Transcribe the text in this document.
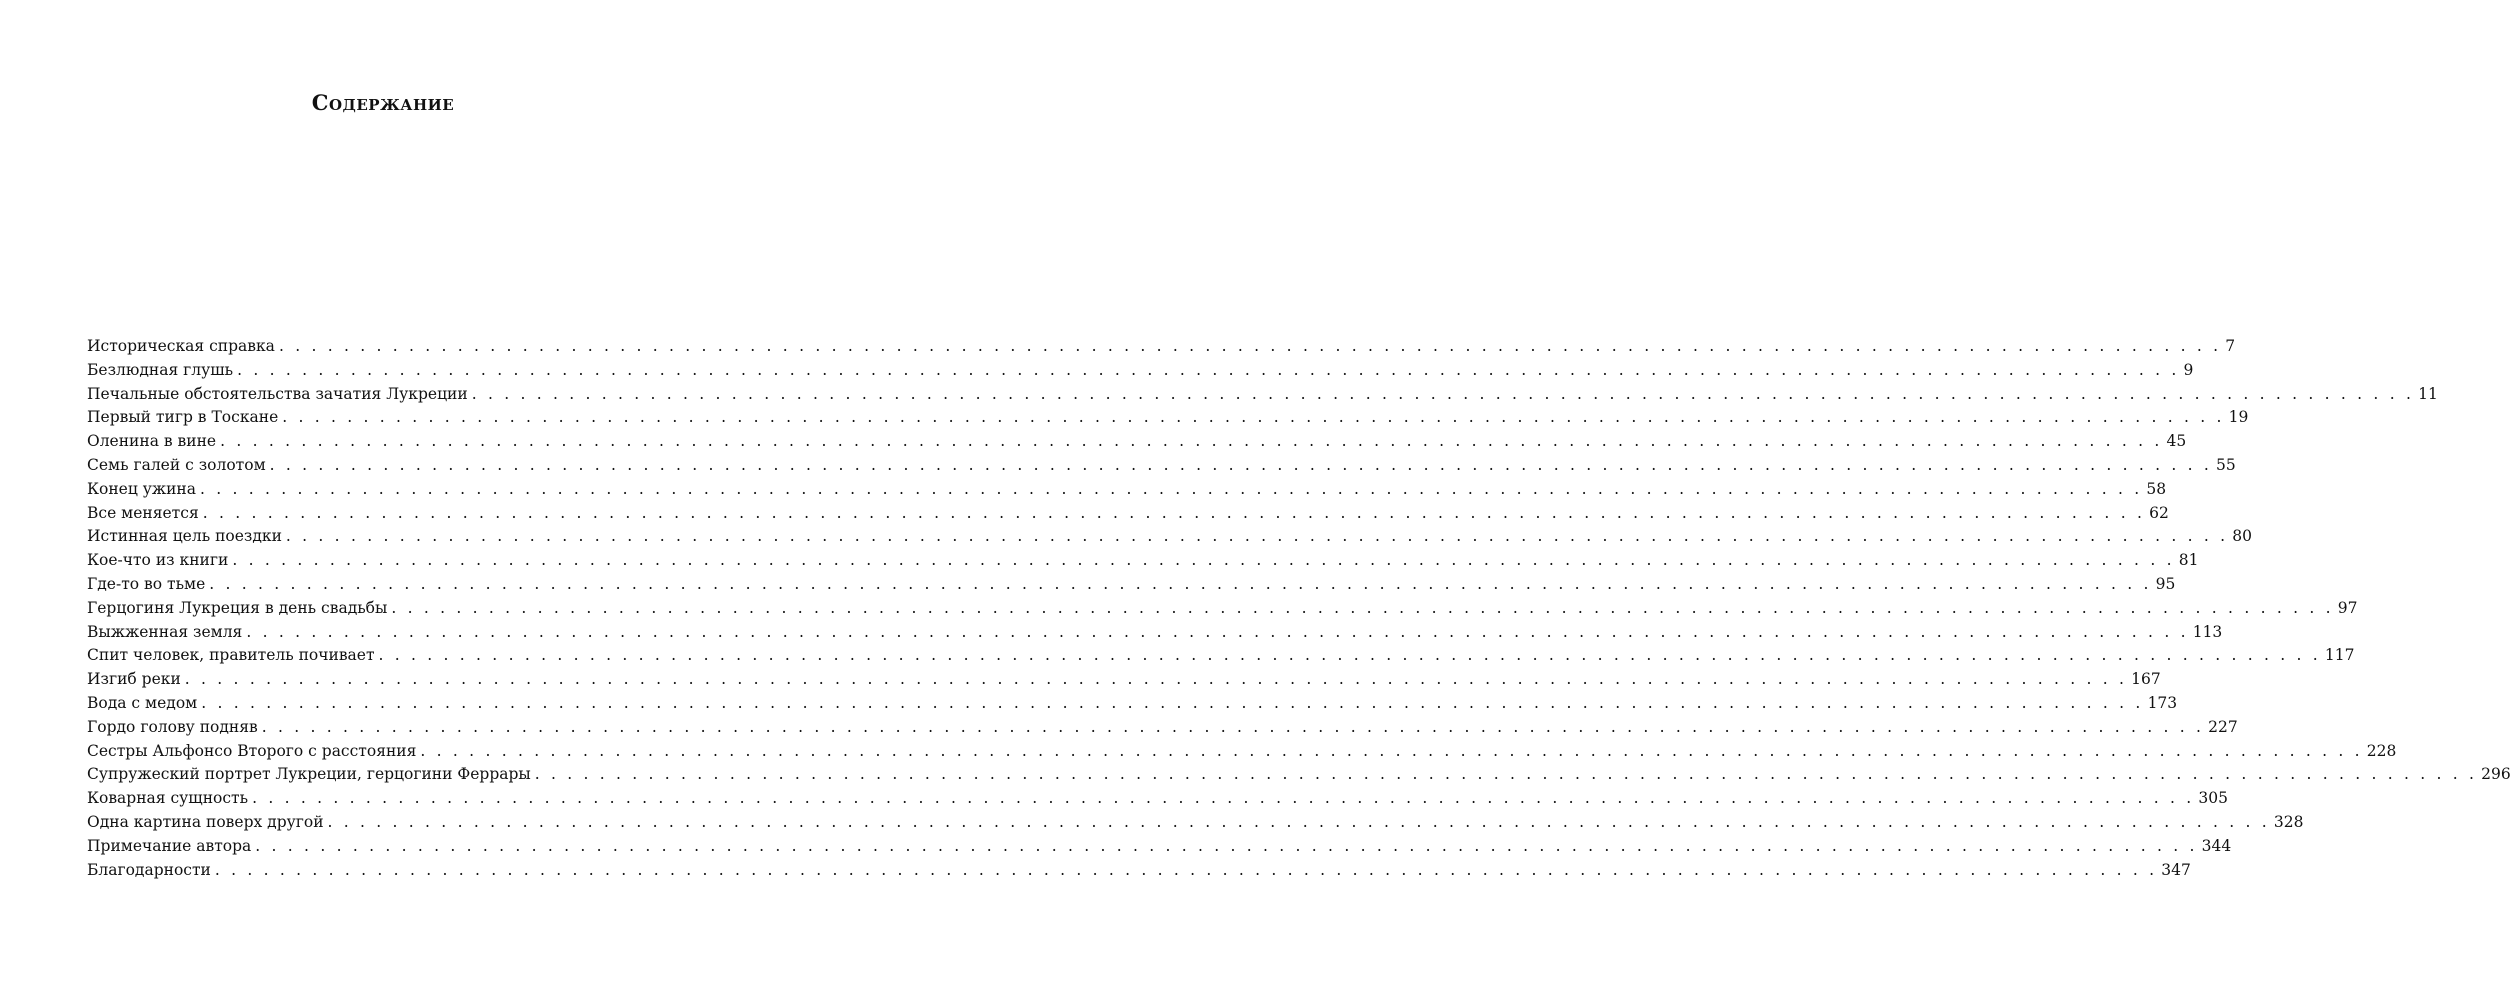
Содержание
Историческая справка . . . . . . . . . . . . . . . . . . . . . . . . . . . . . . . . . . . . . . . . . . . . . . . . . . . . . . . . . . . . . . . . . . . . . . . . . . . . . . . . . . . . . . . . . . . . . . . . . . . . . . . . . . . . . . . . . . . . . . . . 7
Безлюдная глушь . . . . . . . . . . . . . . . . . . . . . . . . . . . . . . . . . . . . . . . . . . . . . . . . . . . . . . . . . . . . . . . . . . . . . . . . . . . . . . . . . . . . . . . . . . . . . . . . . . . . . . . . . . . . . . . . . . . . . . . . 9
Печальные обстоятельства зачатия Лукреции . . . . . . . . . . . . . . . . . . . . . . . . . . . . . . . . . . . . . . . . . . . . . . . . . . . . . . . . . . . . . . . . . . . . . . . . . . . . . . . . . . . . . . . . . . . . . . . . . . . . . . . . . . . . . . . . . . . . . . . . 11
Первый тигр в Тоскане . . . . . . . . . . . . . . . . . . . . . . . . . . . . . . . . . . . . . . . . . . . . . . . . . . . . . . . . . . . . . . . . . . . . . . . . . . . . . . . . . . . . . . . . . . . . . . . . . . . . . . . . . . . . . . . . . . . . . . . . 19
Оленина в вине . . . . . . . . . . . . . . . . . . . . . . . . . . . . . . . . . . . . . . . . . . . . . . . . . . . . . . . . . . . . . . . . . . . . . . . . . . . . . . . . . . . . . . . . . . . . . . . . . . . . . . . . . . . . . . . . . . . . . . . . 45
Семь галей с золотом . . . . . . . . . . . . . . . . . . . . . . . . . . . . . . . . . . . . . . . . . . . . . . . . . . . . . . . . . . . . . . . . . . . . . . . . . . . . . . . . . . . . . . . . . . . . . . . . . . . . . . . . . . . . . . . . . . . . . . . . 55
Конец ужина . . . . . . . . . . . . . . . . . . . . . . . . . . . . . . . . . . . . . . . . . . . . . . . . . . . . . . . . . . . . . . . . . . . . . . . . . . . . . . . . . . . . . . . . . . . . . . . . . . . . . . . . . . . . . . . . . . . . . . . . 58
Все меняется . . . . . . . . . . . . . . . . . . . . . . . . . . . . . . . . . . . . . . . . . . . . . . . . . . . . . . . . . . . . . . . . . . . . . . . . . . . . . . . . . . . . . . . . . . . . . . . . . . . . . . . . . . . . . . . . . . . . . . . . 62
Истинная цель поездки . . . . . . . . . . . . . . . . . . . . . . . . . . . . . . . . . . . . . . . . . . . . . . . . . . . . . . . . . . . . . . . . . . . . . . . . . . . . . . . . . . . . . . . . . . . . . . . . . . . . . . . . . . . . . . . . . . . . . . . . 80
Кое-что из книги . . . . . . . . . . . . . . . . . . . . . . . . . . . . . . . . . . . . . . . . . . . . . . . . . . . . . . . . . . . . . . . . . . . . . . . . . . . . . . . . . . . . . . . . . . . . . . . . . . . . . . . . . . . . . . . . . . . . . . . . 81
Где-то во тьме . . . . . . . . . . . . . . . . . . . . . . . . . . . . . . . . . . . . . . . . . . . . . . . . . . . . . . . . . . . . . . . . . . . . . . . . . . . . . . . . . . . . . . . . . . . . . . . . . . . . . . . . . . . . . . . . . . . . . . . . 95
Герцогиня Лукреция в день свадьбы . . . . . . . . . . . . . . . . . . . . . . . . . . . . . . . . . . . . . . . . . . . . . . . . . . . . . . . . . . . . . . . . . . . . . . . . . . . . . . . . . . . . . . . . . . . . . . . . . . . . . . . . . . . . . . . . . . . . . . . . 97
Выжженная земля . . . . . . . . . . . . . . . . . . . . . . . . . . . . . . . . . . . . . . . . . . . . . . . . . . . . . . . . . . . . . . . . . . . . . . . . . . . . . . . . . . . . . . . . . . . . . . . . . . . . . . . . . . . . . . . . . . . . . . . . 113
Спит человек, правитель почивает . . . . . . . . . . . . . . . . . . . . . . . . . . . . . . . . . . . . . . . . . . . . . . . . . . . . . . . . . . . . . . . . . . . . . . . . . . . . . . . . . . . . . . . . . . . . . . . . . . . . . . . . . . . . . . . . . . . . . . . . 117
Изгиб реки . . . . . . . . . . . . . . . . . . . . . . . . . . . . . . . . . . . . . . . . . . . . . . . . . . . . . . . . . . . . . . . . . . . . . . . . . . . . . . . . . . . . . . . . . . . . . . . . . . . . . . . . . . . . . . . . . . . . . . . . 167
Вода с медом . . . . . . . . . . . . . . . . . . . . . . . . . . . . . . . . . . . . . . . . . . . . . . . . . . . . . . . . . . . . . . . . . . . . . . . . . . . . . . . . . . . . . . . . . . . . . . . . . . . . . . . . . . . . . . . . . . . . . . . . 173
Гордо голову подняв . . . . . . . . . . . . . . . . . . . . . . . . . . . . . . . . . . . . . . . . . . . . . . . . . . . . . . . . . . . . . . . . . . . . . . . . . . . . . . . . . . . . . . . . . . . . . . . . . . . . . . . . . . . . . . . . . . . . . . . . 227
Сестры Альфонсо Второго с расстояния . . . . . . . . . . . . . . . . . . . . . . . . . . . . . . . . . . . . . . . . . . . . . . . . . . . . . . . . . . . . . . . . . . . . . . . . . . . . . . . . . . . . . . . . . . . . . . . . . . . . . . . . . . . . . . . . . . . . . . . . 228
Супружеский портрет Лукреции, герцогини Феррары . . . . . . . . . . . . . . . . . . . . . . . . . . . . . . . . . . . . . . . . . . . . . . . . . . . . . . . . . . . . . . . . . . . . . . . . . . . . . . . . . . . . . . . . . . . . . . . . . . . . . . . . . . . . . . . . . . . . . . . . 296
Коварная сущность . . . . . . . . . . . . . . . . . . . . . . . . . . . . . . . . . . . . . . . . . . . . . . . . . . . . . . . . . . . . . . . . . . . . . . . . . . . . . . . . . . . . . . . . . . . . . . . . . . . . . . . . . . . . . . . . . . . . . . . . 305
Одна картина поверх другой . . . . . . . . . . . . . . . . . . . . . . . . . . . . . . . . . . . . . . . . . . . . . . . . . . . . . . . . . . . . . . . . . . . . . . . . . . . . . . . . . . . . . . . . . . . . . . . . . . . . . . . . . . . . . . . . . . . . . . . . 328
Примечание автора . . . . . . . . . . . . . . . . . . . . . . . . . . . . . . . . . . . . . . . . . . . . . . . . . . . . . . . . . . . . . . . . . . . . . . . . . . . . . . . . . . . . . . . . . . . . . . . . . . . . . . . . . . . . . . . . . . . . . . . . 344
Благодарности . . . . . . . . . . . . . . . . . . . . . . . . . . . . . . . . . . . . . . . . . . . . . . . . . . . . . . . . . . . . . . . . . . . . . . . . . . . . . . . . . . . . . . . . . . . . . . . . . . . . . . . . . . . . . . . . . . . . . . . . 347
